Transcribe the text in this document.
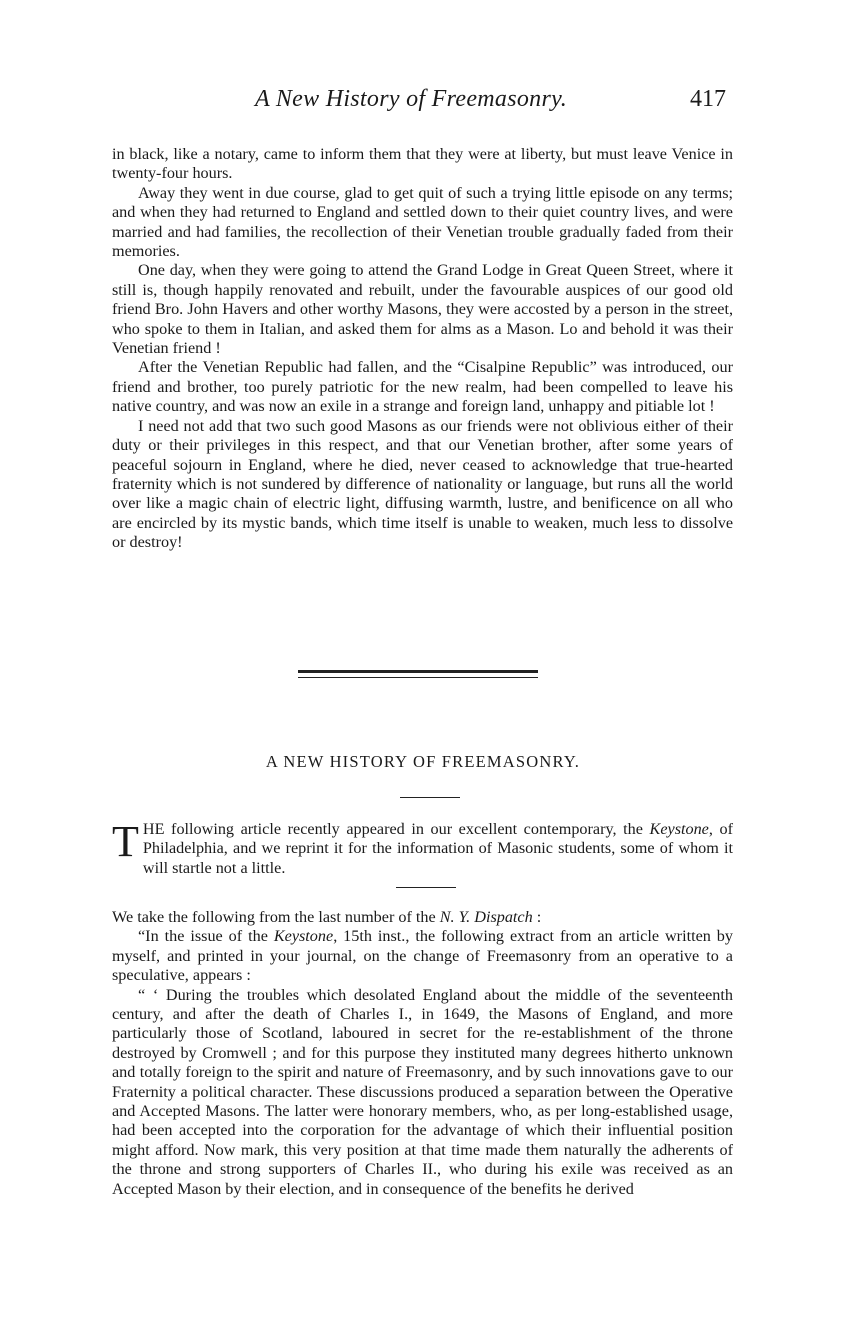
A New History of Freemasonry.	417

in black, like a notary, came to inform them that they were at liberty, but must leave Venice in twenty-four hours.

Away they went in due course, glad to get quit of such a trying little episode on any terms; and when they had returned to England and settled down to their quiet country lives, and were married and had families, the recollection of their Venetian trouble gradually faded from their memories.

One day, when they were going to attend the Grand Lodge in Great Queen Street, where it still is, though happily renovated and rebuilt, under the favourable auspices of our good old friend Bro. John Havers and other worthy Masons, they were accosted by a person in the street, who spoke to them in Italian, and asked them for alms as a Mason. Lo and behold it was their Venetian friend !

After the Venetian Republic had fallen, and the “Cisalpine Republic” was introduced, our friend and brother, too purely patriotic for the new realm, had been compelled to leave his native country, and was now an exile in a strange and foreign land, unhappy and pitiable lot !

I need not add that two such good Masons as our friends were not oblivious either of their duty or their privileges in this respect, and that our Venetian brother, after some years of peaceful sojourn in England, where he died, never ceased to acknowledge that true-hearted fraternity which is not sundered by difference of nationality or language, but runs all the world over like a magic chain of electric light, diffusing warmth, lustre, and benificence on all who are encircled by its mystic bands, which time itself is unable to weaken, much less to dissolve or destroy!

A NEW HISTORY OF FREEMASONRY.

THE following article recently appeared in our excellent contemporary, the Keystone, of Philadelphia, and we reprint it for the information of Masonic students, some of whom it will startle not a little.

We take the following from the last number of the N. Y. Dispatch :

“In the issue of the Keystone, 15th inst., the following extract from an article written by myself, and printed in your journal, on the change of Freemasonry from an operative to a speculative, appears :

“ ‘ During the troubles which desolated England about the middle of the seventeenth century, and after the death of Charles I., in 1649, the Masons of England, and more particularly those of Scotland, laboured in secret for the re-establishment of the throne destroyed by Cromwell ; and for this purpose they instituted many degrees hitherto unknown and totally foreign to the spirit and nature of Freemasonry, and by such innovations gave to our Fraternity a political character. These discussions produced a separation between the Operative and Accepted Masons. The latter were honorary members, who, as per long-established usage, had been accepted into the corporation for the advantage of which their influential position might afford. Now mark, this very position at that time made them naturally the adherents of the throne and strong supporters of Charles II., who during his exile was received as an Accepted Mason by their election, and in consequence of the benefits he derived
